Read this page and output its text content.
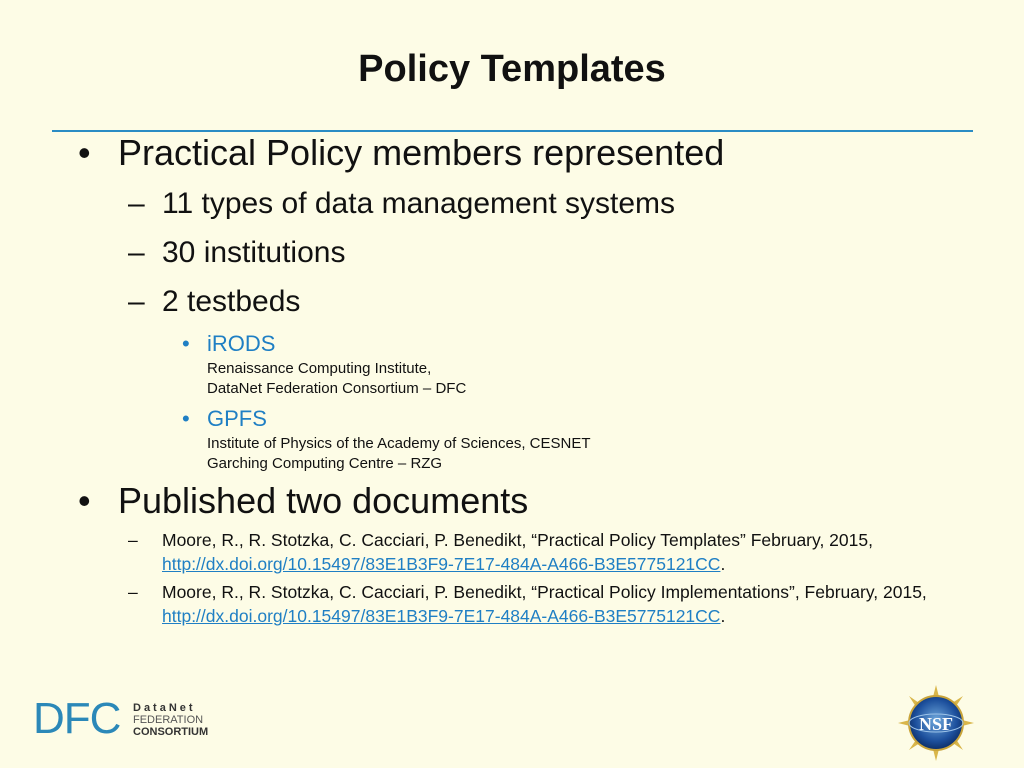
Policy Templates
• Practical Policy members represented
– 11 types of data management systems
– 30 institutions
– 2 testbeds
• iRODS
Renaissance Computing Institute,
DataNet Federation Consortium – DFC
• GPFS
Institute of Physics of the Academy of Sciences, CESNET
Garching Computing Centre – RZG
• Published two documents
– Moore, R., R. Stotzka, C. Cacciari, P. Benedikt, “Practical Policy Templates” February, 2015,
http://dx.doi.org/10.15497/83E1B3F9-7E17-484A-A466-B3E5775121CC.
– Moore, R., R. Stotzka, C. Cacciari, P. Benedikt, “Practical Policy Implementations”, February, 2015, http://dx.doi.org/10.15497/83E1B3F9-7E17-484A-A466-B3E5775121CC.
DFC DataNet
FEDERATION
CONSORTIUM	NSF
